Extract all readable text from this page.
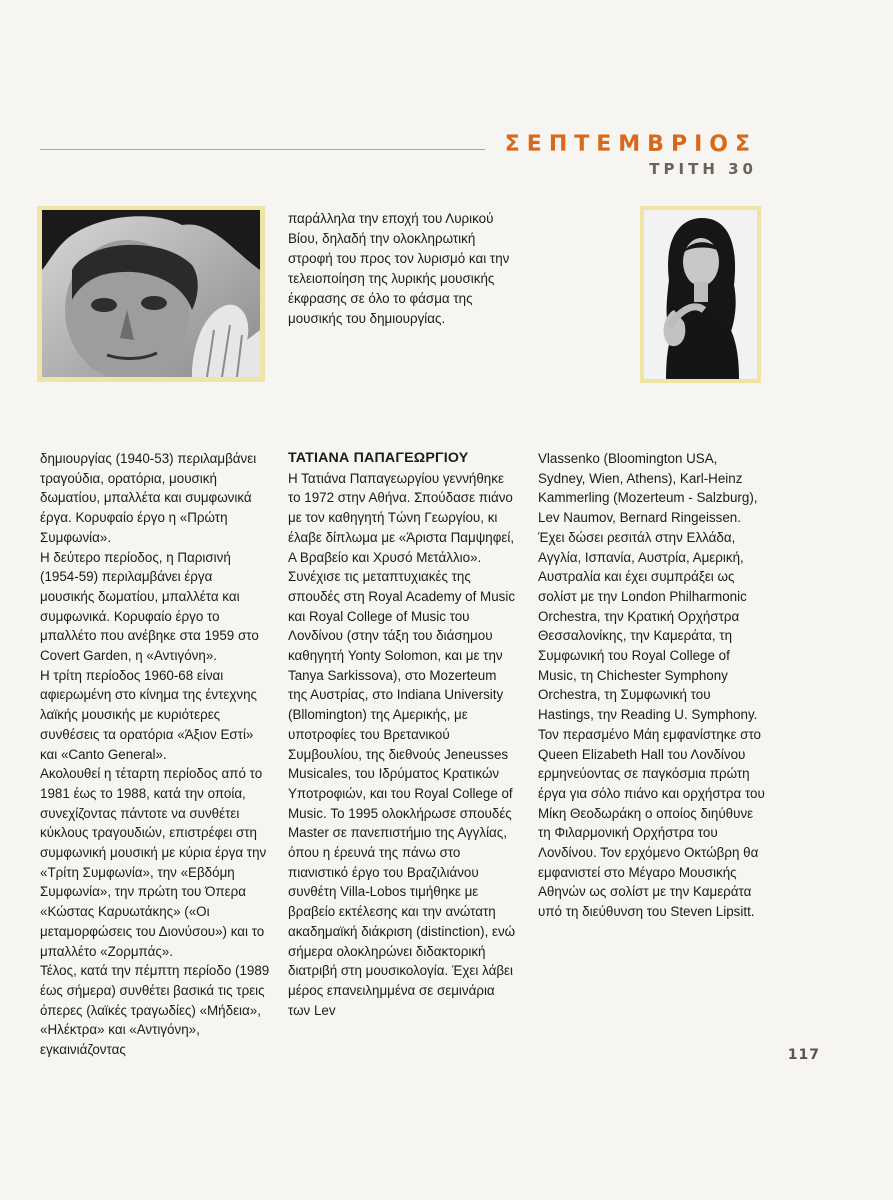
ΣΕΠΤΕΜΒΡΙΟΣ
ΤΡΙΤΗ 30
παράλληλα την εποχή του Λυρικού Βίου, δηλαδή την ολοκληρωτική στροφή του προς τον λυρισμό και την τελειοποίηση της λυρικής μουσικής έκφρασης σε όλο το φάσμα της μουσικής του δημιουργίας.

δημιουργίας (1940-53) περιλαμβάνει τραγούδια, ορατόρια, μουσική δωματίου, μπαλλέτα και συμφωνικά έργα. Κορυφαίο έργο η «Πρώτη Συμφωνία».

Η δεύτερο περίοδος, η Παρισινή (1954-59) περιλαμβάνει έργα μουσικής δωματίου, μπαλλέτα και συμφωνικά. Κορυφαίο έργο το μπαλλέτο που ανέβηκε στα 1959 στο Covert Garden, η «Αντιγόνη».

Η τρίτη περίοδος 1960-68 είναι αφιερωμένη στο κίνημα της έντεχνης λαϊκής μουσικής με κυριότερες συνθέσεις τα ορατόρια «Άξιον Εστί» και «Canto General».

Ακολουθεί η τέταρτη περίοδος από το 1981 έως το 1988, κατά την οποία, συνεχίζοντας πάντοτε να συνθέτει κύκλους τραγουδιών, επιστρέφει στη συμφωνική μουσική με κύρια έργα την «Τρίτη Συμφωνία», την «Εβδόμη Συμφωνία», την πρώτη του Όπερα «Κώστας Καρυωτάκης» («Οι μεταμορφώσεις του Διονύσου») και το μπαλλέτο «Ζορμπάς».

Τέλος, κατά την πέμπτη περίοδο (1989 έως σήμερα) συνθέτει βασικά τις τρεις όπερες (λαϊκές τραγωδίες) «Μήδεια», «Ηλέκτρα» και «Αντιγόνη», εγκαινιάζοντας

ΤΑΤΙΑΝΑ ΠΑΠΑΓΕΩΡΓΙΟΥ

Η Τατιάνα Παπαγεωργίου γεννήθηκε το 1972 στην Αθήνα. Σπούδασε πιάνο με τον καθηγητή Τώνη Γεωργίου, κι έλαβε δίπλωμα με «Άριστα Παμψηφεί, Α Βραβείο και Χρυσό Μετάλλιο». Συνέχισε τις μεταπτυχιακές της σπουδές στη Royal Academy of Music και Royal College of Music του Λονδίνου (στην τάξη του διάσημου καθηγητή Yonty Solomon, και με την Tanya Sarkissova), στο Mozerteum της Αυστρίας, στο Indiana University (Bllomington) της Αμερικής, με υποτροφίες του Βρετανικού Συμβουλίου, της διεθνούς Jeneusses Musicales, του Ιδρύματος Κρατικών Υποτροφιών, και του Royal College of Music. Το 1995 ολοκλήρωσε σπουδές Master σε πανεπιστήμιο της Αγγλίας, όπου η έρευνά της πάνω στο πιανιστικό έργο του Βραζιλιάνου συνθέτη Villa-Lobos τιμήθηκε με βραβείο εκτέλεσης και την ανώτατη ακαδημαϊκή διάκριση (distinction), ενώ σήμερα ολοκληρώνει διδακτορική διατριβή στη μουσικολογία. Έχει λάβει μέρος επανειλημμένα σε σεμινάρια των Lev

Vlassenko (Bloomington USA, Sydney, Wien, Athens), Karl-Heinz Kammerling (Mozerteum - Salzburg), Lev Naumov, Bernard Ringeissen. Έχει δώσει ρεσιτάλ στην Ελλάδα, Αγγλία, Ισπανία, Αυστρία, Αμερική, Αυστραλία και έχει συμπράξει ως σολίστ με την London Philharmonic Orchestra, την Κρατική Ορχήστρα Θεσσαλονίκης, την Καμεράτα, τη Συμφωνική του Royal College of Music, τη Chichester Symphony Orchestra, τη Συμφωνική του Hastings, την Reading U. Symphony. Τον περασμένο Μάη εμφανίστηκε στο Queen Elizabeth Hall του Λονδίνου ερμηνεύοντας σε παγκόσμια πρώτη έργα για σόλο πιάνο και ορχήστρα του Μίκη Θεοδωράκη ο οποίος διηύθυνε τη Φιλαρμονική Ορχήστρα του Λονδίνου. Τον ερχόμενο Οκτώβρη θα εμφανιστεί στο Μέγαρο Μουσικής Αθηνών ως σολίστ με την Καμεράτα υπό τη διεύθυνση του Steven Lipsitt.

117
